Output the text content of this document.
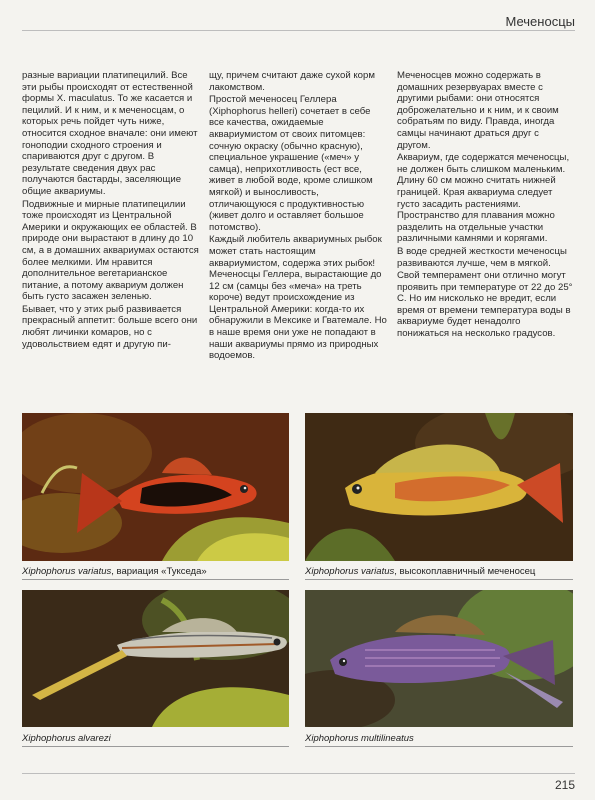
Меченосцы

разные вариации платипецилий. Все эти рыбы происходят от естественной формы X. maculatus. То же касается и пецилий. И к ним, и к меченосцам, о которых речь пойдет чуть ниже, относится сходное вначале: они имеют гоноподии сходного строения и спариваются друг с другом. В результате сведения двух рас получаются бастарды, заселяющие общие аквариумы.

Подвижные и мирные платипецилии тоже происходят из Центральной Америки и окружающих ее областей. В природе они вырастают в длину до 10 см, а в домашних аквариумах остаются более мелкими. Им нравится дополнительное вегетарианское питание, а потому аквариум должен быть густо засажен зеленью.

Бывает, что у этих рыб развивается прекрасный аппетит: больше всего они любят личинки комаров, но с удовольствием едят и другую пи-

щу, причем считают даже сухой корм лакомством.

Простой меченосец Геллера (Xiphophorus helleri) сочетает в себе все качества, ожидаемые аквариумистом от своих питомцев: сочную окраску (обычно красную), специальное украшение («меч» у самца), неприхотливость (ест все, живет в любой воде, кроме слишком мягкой) и выносливость, отличающуюся с продуктивностью (живет долго и оставляет большое потомство).

Каждый любитель аквариумных рыбок может стать настоящим аквариумистом, содержа этих рыбок! Меченосцы Геллера, вырастающие до 12 см (самцы без «меча» на треть короче) ведут происхождение из Центральной Америки: когда-то их обнаружили в Мексике и Гватемале. Но в наше время они уже не попадают в наши аквариумы прямо из природных водоемов.

Меченосцев можно содержать в домашних резервуарах вместе с другими рыбами: они относятся доброжелательно и к ним, и к своим собратьям по виду. Правда, иногда самцы начинают драться друг с другом.

Аквариум, где содержатся меченосцы, не должен быть слишком маленьким. Длину 60 см можно считать нижней границей. Края аквариума следует густо засадить растениями. Пространство для плавания можно разделить на отдельные участки различными камнями и корягами.

В воде средней жесткости меченосцы развиваются лучше, чем в мягкой.

Свой темперамент они отлично могут проявить при температуре от 22 до 25° С. Но им нисколько не вредит, если время от времени температура воды в аквариуме будет ненадолго понижаться на несколько градусов.

Xiphophorus variatus, вариация «Тукседа»	Xiphophorus variatus, высокоплавничный меченосец
Xiphophorus alvarezi	Xiphophorus multilineatus
215
